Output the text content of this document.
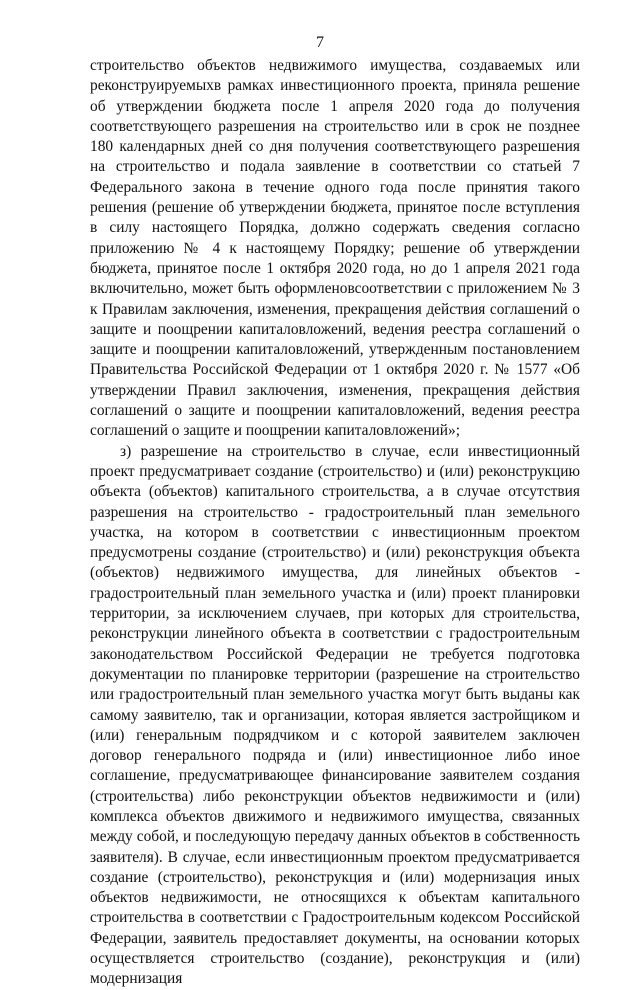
7

строительство объектов недвижимого имущества, создаваемых или реконструируемыхв рамках инвестиционного проекта, приняла решение об утверждении бюджета после 1 апреля 2020 года до получения соответствующего разрешения на строительство или в срок не позднее 180 календарных дней со дня получения соответствующего разрешения на строительство и подала заявление в соответствии со статьей 7 Федерального закона в течение одного года после принятия такого решения (решение об утверждении бюджета, принятое после вступления в силу настоящего Порядка, должно содержать сведения согласно приложению № 4 к настоящему Порядку; решение об утверждении бюджета, принятое после 1 октября 2020 года, но до 1 апреля 2021 года включительно, может быть оформленовсоответствии с приложением № 3 к Правилам заключения, изменения, прекращения действия соглашений о защите и поощрении капиталовложений, ведения реестра соглашений о защите и поощрении капиталовложений, утвержденным постановлением Правительства Российской Федерации от 1 октября 2020 г. № 1577 «Об утверждении Правил заключения, изменения, прекращения действия соглашений о защите и поощрении капиталовложений, ведения реестра соглашений о защите и поощрении капиталовложений»;

з) разрешение на строительство в случае, если инвестиционный проект предусматривает создание (строительство) и (или) реконструкцию объекта (объектов) капитального строительства, а в случае отсутствия разрешения на строительство - градостроительный план земельного участка, на котором в соответствии с инвестиционным проектом предусмотрены создание (строительство) и (или) реконструкция объекта (объектов) недвижимого имущества, для линейных объектов - градостроительный план земельного участка и (или) проект планировки территории, за исключением случаев, при которых для строительства, реконструкции линейного объекта в соответствии с градостроительным законодательством Российской Федерации не требуется подготовка документации по планировке территории (разрешение на строительство или градостроительный план земельного участка могут быть выданы как самому заявителю, так и организации, которая является застройщиком и (или) генеральным подрядчиком и с которой заявителем заключен договор генерального подряда и (или) инвестиционное либо иное соглашение, предусматривающее финансирование заявителем создания (строительства) либо реконструкции объектов недвижимости и (или) комплекса объектов движимого и недвижимого имущества, связанных между собой, и последующую передачу данных объектов в собственность заявителя). В случае, если инвестиционным проектом предусматривается создание (строительство), реконструкция и (или) модернизация иных объектов недвижимости, не относящихся к объектам капитального строительства в соответствии с Градостроительным кодексом Российской Федерации, заявитель предоставляет документы, на основании которых осуществляется строительство (создание), реконструкция и (или) модернизация
